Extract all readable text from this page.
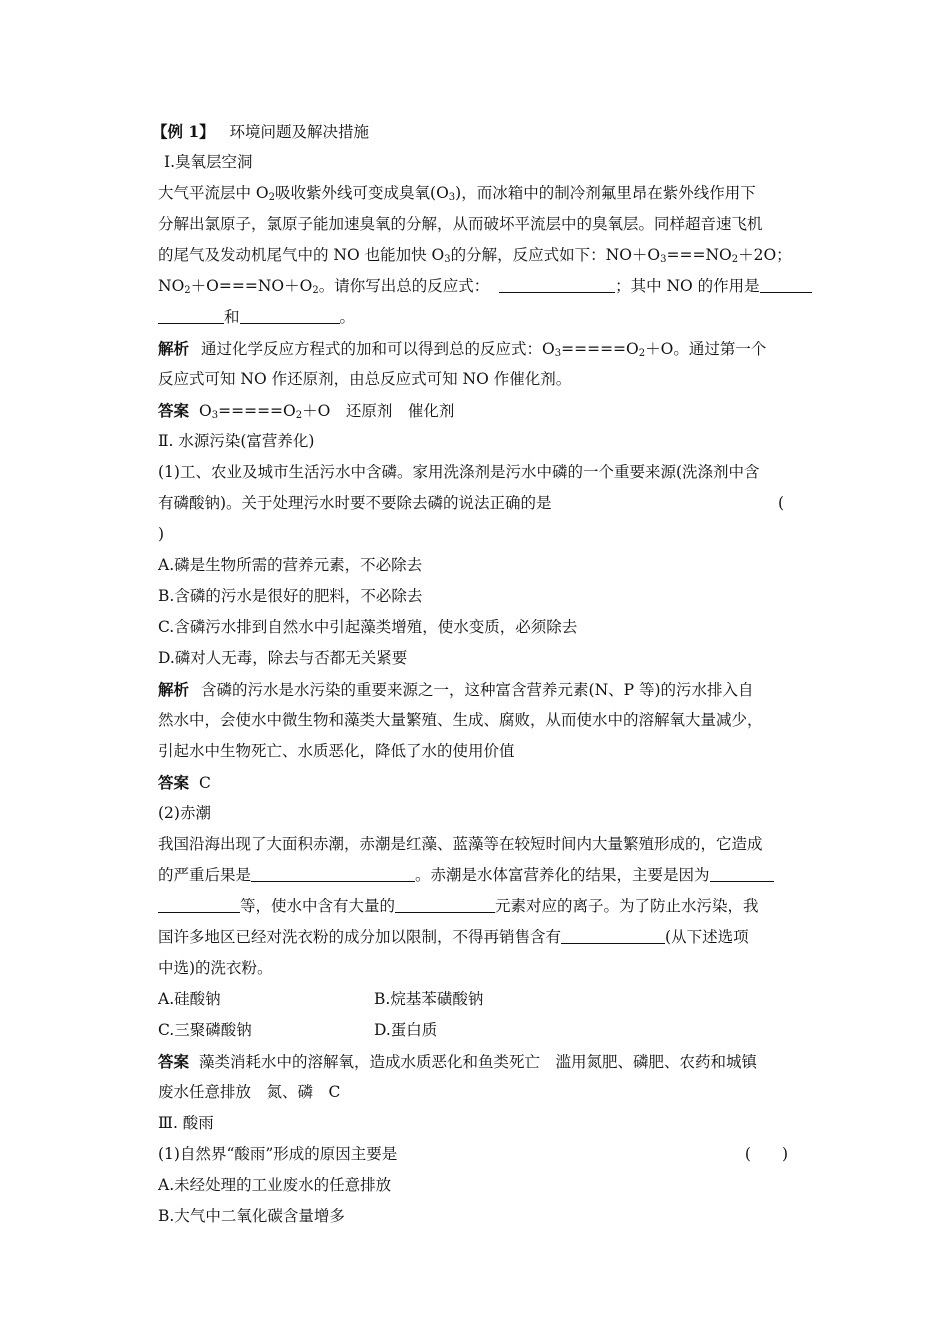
【例 1】 环境问题及解决措施
Ⅰ.臭氧层空洞
大气平流层中 $O_2$吸收紫外线可变成臭氧$(O_3)$，而冰箱中的制冷剂氟里昂在紫外线作用下
分解出氯原子，氯原子能加速臭氧的分解，从而破坏平流层中的臭氧层。同样超音速飞机
的尾气及发动机尾气中的 NO 也能加快 $O_3$的分解，反应式如下：$NO+O_3===NO_2+2O$；
$NO_2+O===NO+O_2$。请你写出总的反应式：	；其中 NO 的作用是
和	。
解析 通过化学反应方程式的加和可以得到总的反应式：$O_3=====O_2+O$。通过第一个
反应式可知 NO 作还原剂，由总反应式可知 NO 作催化剂。
答案 $O_3=====O_2+O$　还原剂　催化剂
Ⅱ. 水源污染(富营养化)
(1)工、农业及城市生活污水中含磷。家用洗涤剂是污水中磷的一个重要来源(洗涤剂中含
有磷酸钠)。关于处理污水时要不要除去磷的说法正确的是	(
)
A.磷是生物所需的营养元素，不必除去
B.含磷的污水是很好的肥料，不必除去
C.含磷污水排到自然水中引起藻类增殖，使水变质，必须除去
D.磷对人无毒，除去与否都无关紧要
解析 含磷的污水是水污染的重要来源之一，这种富含营养元素(N、P 等)的污水排入自
然水中，会使水中微生物和藻类大量繁殖、生成、腐败，从而使水中的溶解氧大量减少，
引起水中生物死亡、水质恶化，降低了水的使用价值
答案 C
(2)赤潮
我国沿海出现了大面积赤潮，赤潮是红藻、蓝藻等在较短时间内大量繁殖形成的，它造成
的严重后果是	。赤潮是水体富营养化的结果，主要是因为
等，使水中含有大量的	元素对应的离子。为了防止水污染，我
国许多地区已经对洗衣粉的成分加以限制，不得再销售含有	(从下述选项
中选)的洗衣粉。
A.硅酸钠	B.烷基苯磺酸钠
C.三聚磷酸钠	D.蛋白质
答案 藻类消耗水中的溶解氧，造成水质恶化和鱼类死亡　滥用氮肥、磷肥、农药和城镇
废水任意排放　氮、磷　C
Ⅲ. 酸雨
(1)自然界“酸雨”形成的原因主要是	(　　)
A.未经处理的工业废水的任意排放
B.大气中二氧化碳含量增多
